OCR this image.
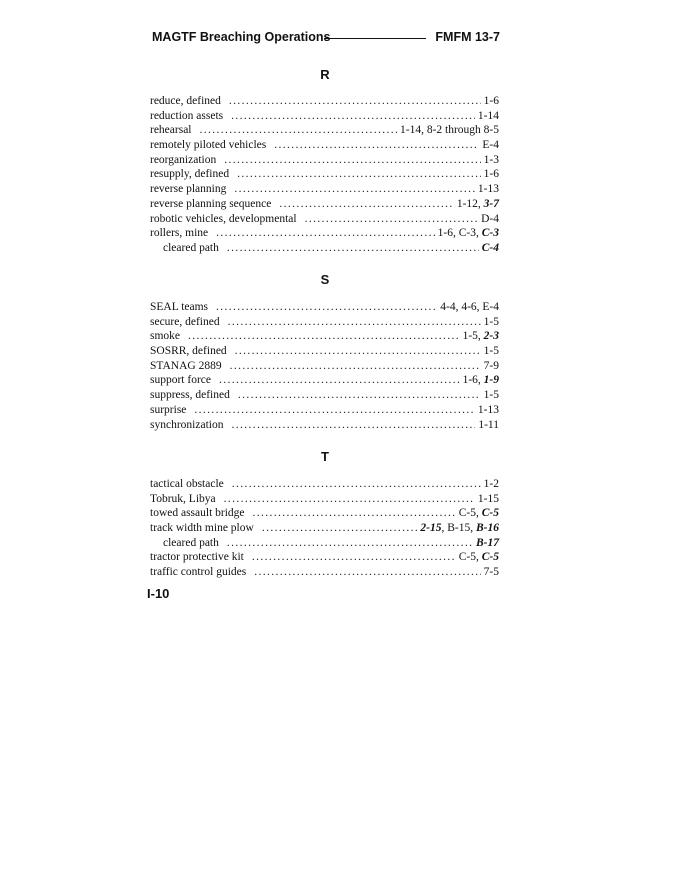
MAGTF Breaching Operations	FMFM 13-7
R
reduce, defined . . .	1-6
reduction assets . . .	1-14
rehearsal . . .	1-14, 8-2 through 8-5
remotely piloted vehicles . . .	E-4
reorganization . . .	1-3
resupply, defined . . .	1-6
reverse planning . . .	1-13
reverse planning sequence . . .	1-12, 3-7
robotic vehicles, developmental . . .	D-4
rollers, mine . . .	1-6, C-3, C-3
cleared path . . .	C-4
S
SEAL teams . . .	4-4, 4-6, E-4
secure, defined . . .	1-5
smoke . . .	1-5, 2-3
SOSRR, defined . . .	1-5
STANAG 2889 . . .	7-9
support force . . .	1-6, 1-9
suppress, defined . . .	1-5
surprise . . .	1-13
synchronization . . .	1-11
T
tactical obstacle . . .	1-2
Tobruk, Libya . . .	1-15
towed assault bridge . . .	C-5, C-5
track width mine plow . . .	2-15, B-15, B-16
cleared path . . .	B-17
tractor protective kit . . .	C-5, C-5
traffic control guides . . .	7-5
I-10
